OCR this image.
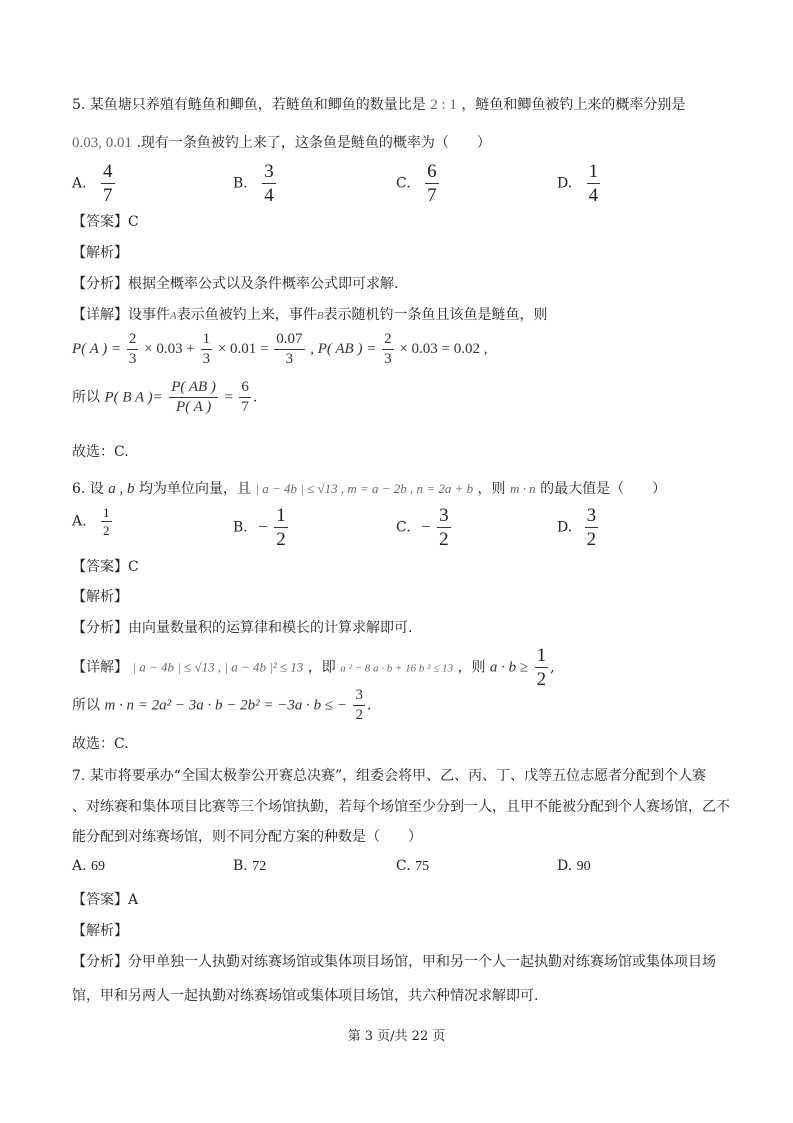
5. 某鱼塘只养殖有鲢鱼和鲫鱼，若鲢鱼和鲫鱼的数量比是 2 : 1 ，鲢鱼和鲫鱼被钓上来的概率分别是
0.03, 0.01 .现有一条鱼被钓上来了，这条鱼是鲢鱼的概率为（　　）
A. $\frac{4}{7}$	B. $\frac{3}{4}$	C. $\frac{6}{7}$	D. $\frac{1}{4}$
【答案】C
【解析】
【分析】根据全概率公式以及条件概率公式即可求解.
【详解】设事件A表示鱼被钓上来，事件B表示随机钓一条鱼且该鱼是鲢鱼，则
P( A ) = $\frac{2}{3} \times 0.03 + \frac{1}{3} \times 0.01 = \frac{0.07}{3}$ , P( AB ) = $\frac{2}{3} \times 0.03 = 0.02$ ,
所以 P( B A )= $\frac{P( AB )}{P( A )} = \frac{6}{7}$ .
故选：C.
6. 设 a , b 均为单位向量，且 | a − 4b | ≤ √13 , m = a − 2b , n = 2a + b ，则 m · n 的最大值是（　　）
A. $\frac{1}{2}$	B. − $\frac{1}{2}$	C. − $\frac{3}{2}$	D. $\frac{3}{2}$
【答案】C
【解析】
【分析】由向量数量积的运算律和模长的计算求解即可.
【详解】 | a − 4b | ≤ √13 , | a − 4b |² ≤ 13 ，即 a ² − 8 a · b + 16 b ² ≤ 13 ，则 $a \cdot b \ge \frac{1}{2}$ ,
所以 m · n = 2a² − 3a · b − 2b² = −3a · b ≤ − $\frac{3}{2}$ .
故选：C.
7. 某市将要承办“全国太极拳公开赛总决赛”，组委会将甲、乙、丙、丁、戊等五位志愿者分配到个人赛
、对练赛和集体项目比赛等三个场馆执勤，若每个场馆至少分到一人，且甲不能被分配到个人赛场馆，乙不
能分配到对练赛场馆，则不同分配方案的种数是（　　）
A. 69	B. 72	C. 75	D. 90
【答案】A
【解析】
【分析】分甲单独一人执勤对练赛场馆或集体项目场馆，甲和另一个人一起执勤对练赛场馆或集体项目场
馆，甲和另两人一起执勤对练赛场馆或集体项目场馆，共六种情况求解即可.
第 3 页/共 22 页
